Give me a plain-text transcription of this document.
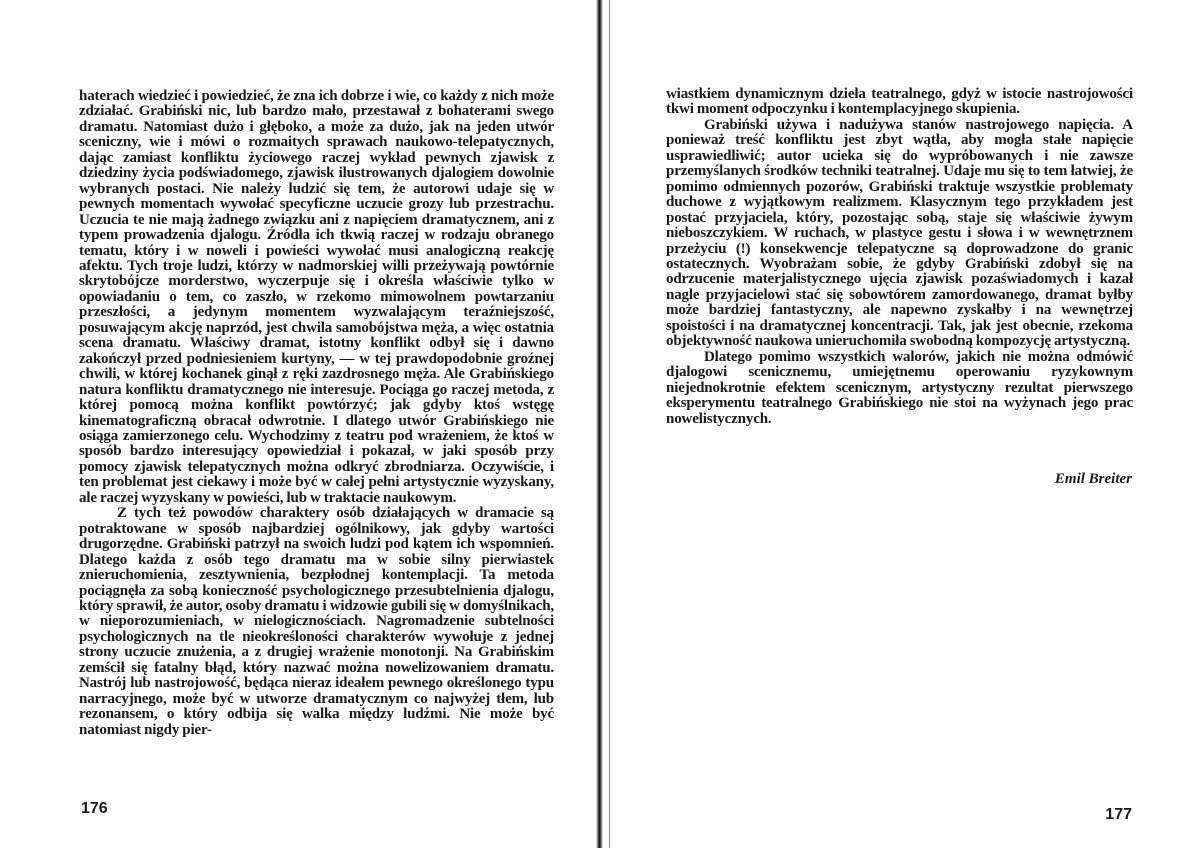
haterach wiedzieć i powiedzieć, że zna ich dobrze i wie, co każdy z nich może zdziałać. Grabiński nic, lub bardzo mało, przestawał z bohaterami swego dramatu. Natomiast dużo i głęboko, a może za dużo, jak na jeden utwór sceniczny, wie i mówi o rozmaitych sprawach naukowo-telepatycznych, dając zamiast konfliktu życiowego raczej wykład pewnych zjawisk z dziedziny życia podświadomego, zjawisk ilustrowanych djalogiem dowolnie wybranych postaci. Nie należy ludzić się tem, że autorowi udaje się w pewnych momentach wywołać specyficzne uczucie grozy lub przestrachu. Uczucia te nie mają żadnego związku ani z napięciem dramatycznem, ani z typem prowadzenia djalogu. Źródła ich tkwią raczej w rodzaju obranego tematu, który i w noweli i powieści wywołać musi analogiczną reakcję afektu. Tych troje ludzi, którzy w nadmorskiej willi przeżywają powtórnie skrytobójcze morderstwo, wyczerpuje się i określa właściwie tylko w opowiadaniu o tem, co zaszło, w rzekomo mimowolnem powtarzaniu przeszłości, a jedynym momentem wyzwalającym teraźniejszość, posuwającym akcję naprzód, jest chwila samobójstwa męża, a więc ostatnia scena dramatu. Właściwy dramat, istotny konflikt odbył się i dawno zakończył przed podniesieniem kurtyny, — w tej prawdopodobnie groźnej chwili, w której kochanek ginął z ręki zazdrosnego męża. Ale Grabińskiego natura konfliktu dramatycznego nie interesuje. Pociąga go raczej metoda, z której pomocą można konflikt powtórzyć; jak gdyby ktoś wstęgę kinematograficzną obracał odwrotnie. I dlatego utwór Grabińskiego nie osiąga zamierzonego celu. Wychodzimy z teatru pod wrażeniem, że ktoś w sposób bardzo interesujący opowiedział i pokazał, w jaki sposób przy pomocy zjawisk telepatycznych można odkryć zbrodniarza. Oczywiście, i ten problemat jest ciekawy i może być w całej pełni artystycznie wyzyskany, ale raczej wyzyskany w powieści, lub w traktacie naukowym.

Z tych też powodów charaktery osób działających w dramacie są potraktowane w sposób najbardziej ogólnikowy, jak gdyby wartości drugorzędne. Grabiński patrzył na swoich ludzi pod kątem ich wspomnień. Dlatego każda z osób tego dramatu ma w sobie silny pierwiastek znieruchomienia, zesztywnienia, bezpłodnej kontemplacji. Ta metoda pociągnęła za sobą konieczność psychologicznego przesubtelnienia djalogu, który sprawił, że autor, osoby dramatu i widzowie gubili się w domyślnikach, w nieporozumieniach, w nielogicznościach. Nagromadzenie subtelności psychologicznych na tle nieokreśloności charakterów wywołuje z jednej strony uczucie znużenia, a z drugiej wrażenie monotonji. Na Grabińskim zemścił się fatalny błąd, który nazwać można nowelizowaniem dramatu. Nastrój lub nastrojowość, będąca nieraz ideałem pewnego określonego typu narracyjnego, może być w utworze dramatycznym co najwyżej tłem, lub rezonansem, o który odbija się walka między ludźmi. Nie może być natomiast nigdy pier-

176

wiastkiem dynamicznym dzieła teatralnego, gdyż w istocie nastrojowości tkwi moment odpoczynku i kontemplacyjnego skupienia.

Grabiński używa i nadużywa stanów nastrojowego napięcia. A ponieważ treść konfliktu jest zbyt wątła, aby mogła stałe napięcie usprawiedliwić; autor ucieka się do wypróbowanych i nie zawsze przemyślanych środków techniki teatralnej. Udaje mu się to tem łatwiej, że pomimo odmiennych pozorów, Grabiński traktuje wszystkie problematy duchowe z wyjątkowym realizmem. Klasycznym tego przykładem jest postać przyjaciela, który, pozostając sobą, staje się właściwie żywym nieboszczykiem. W ruchach, w plastyce gestu i słowa i w wewnętrznem przeżyciu (!) konsekwencje telepatyczne są doprowadzone do granic ostatecznych. Wyobrażam sobie, że gdyby Grabiński zdobył się na odrzucenie materjalistycznego ujęcia zjawisk pozaświadomych i kazał nagle przyjacielowi stać się sobowtórem zamordowanego, dramat byłby może bardziej fantastyczny, ale napewno zyskałby i na wewnętrzej spoistości i na dramatycznej koncentracji. Tak, jak jest obecnie, rzekoma objektywność naukowa unieruchomiła swobodną kompozycję artystyczną.

Dlatego pomimo wszystkich walorów, jakich nie można odmówić djalogowi scenicznemu, umiejętnemu operowaniu ryzykownym niejednokrotnie efektem scenicznym, artystyczny rezultat pierwszego eksperymentu teatralnego Grabińskiego nie stoi na wyżynach jego prac nowelistycznych.

Emil Breiter
177
